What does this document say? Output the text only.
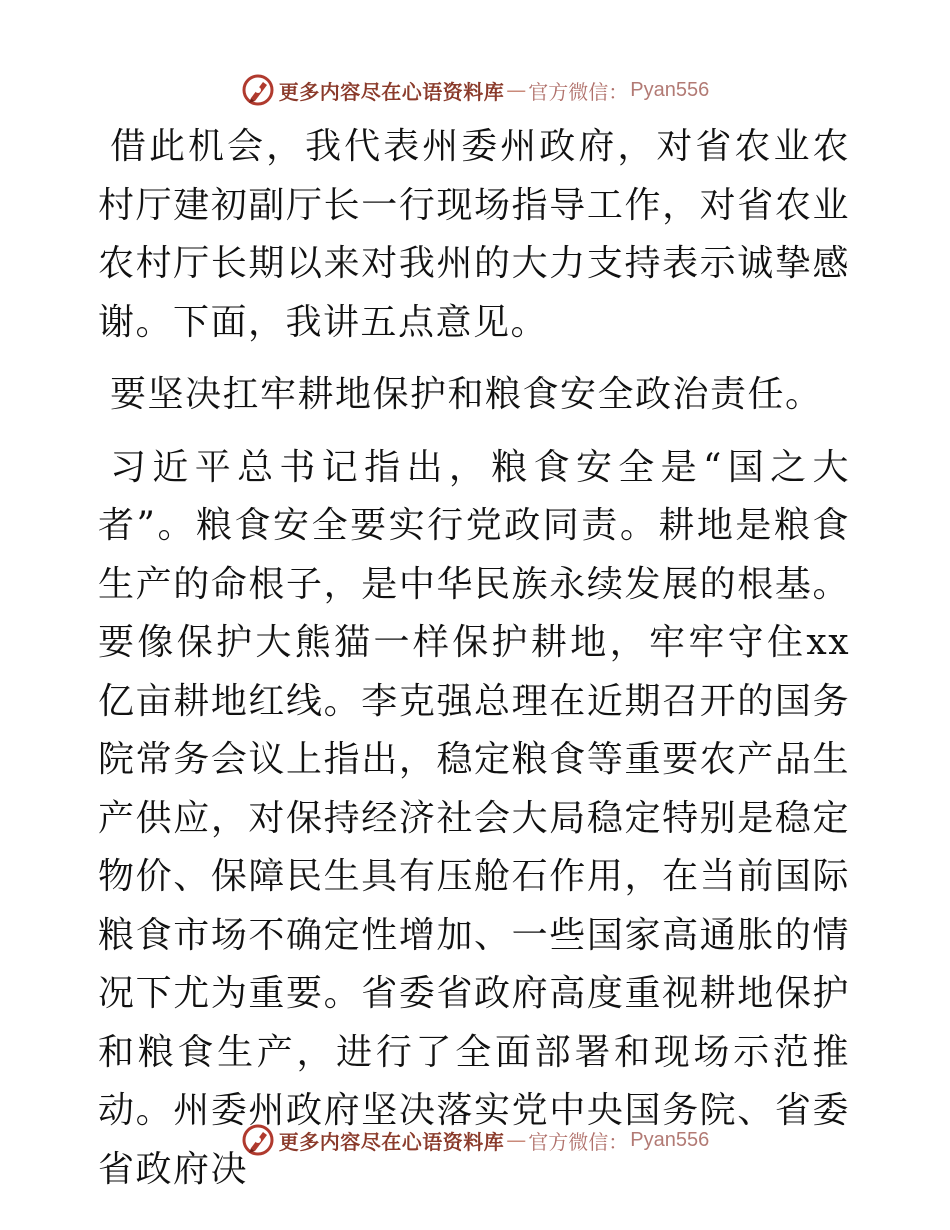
更多内容尽在心语资料库 — 官方微信： Pyan556

借此机会，我代表州委州政府，对省农业农村厅建初副厅长一行现场指导工作，对省农业农村厅长期以来对我州的大力支持表示诚挚感谢。下面，我讲五点意见。

要坚决扛牢耕地保护和粮食安全政治责任。

习近平总书记指出，粮食安全是“国之大者”。粮食安全要实行党政同责。耕地是粮食生产的命根子，是中华民族永续发展的根基。要像保护大熊猫一样保护耕地，牢牢守住xx亿亩耕地红线。李克强总理在近期召开的国务院常务会议上指出，稳定粮食等重要农产品生产供应，对保持经济社会大局稳定特别是稳定物价、保障民生具有压舱石作用，在当前国际粮食市场不确定性增加、一些国家高通胀的情况下尤为重要。省委省政府高度重视耕地保护和粮食生产，进行了全面部署和现场示范推动。州委州政府坚决落实党中央国务院、省委省政府决

更多内容尽在心语资料库 — 官方微信： Pyan556
